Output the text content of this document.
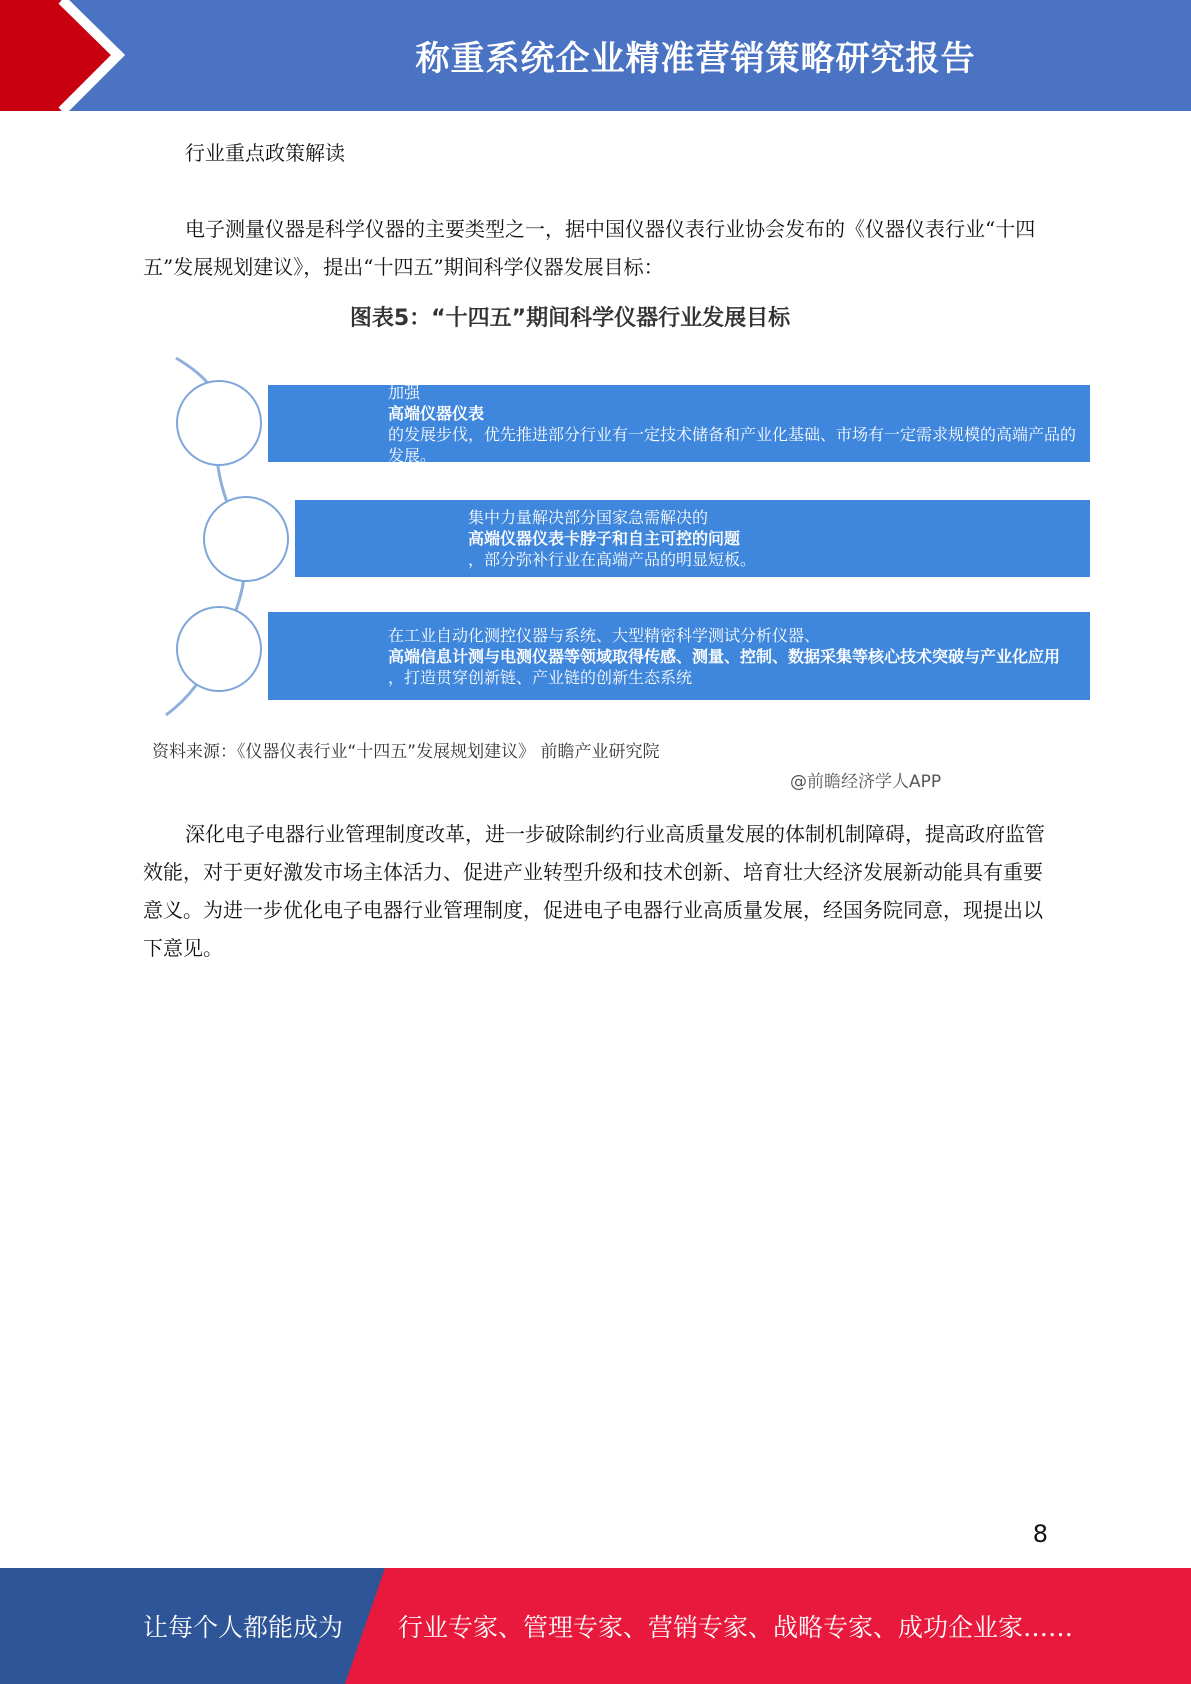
称重系统企业精准营销策略研究报告
行业重点政策解读
电子测量仪器是科学仪器的主要类型之一，据中国仪器仪表行业协会发布的《仪器仪表行业“十四五”发展规划建议》，提出“十四五”期间科学仪器发展目标：
图表5：“十四五”期间科学仪器行业发展目标
加强
高端仪器仪表
的发展步伐，优先推进部分行业有一定技术储备和产业化基础、市场有一定需求规模的高端产品的发展。
集中力量解决部分国家急需解决的
高端仪器仪表卡脖子和自主可控的问题
，部分弥补行业在高端产品的明显短板。
在工业自动化测控仪器与系统、大型精密科学测试分析仪器、
高端信息计测与电测仪器等领域取得传感、测量、控制、数据采集等核心技术突破与产业化应用
，打造贯穿创新链、产业链的创新生态系统
资料来源：《仪器仪表行业“十四五”发展规划建议》 前瞻产业研究院
@前瞻经济学人APP
深化电子电器行业管理制度改革，进一步破除制约行业高质量发展的体制机制障碍，提高政府监管效能，对于更好激发市场主体活力、促进产业转型升级和技术创新、培育壮大经济发展新动能具有重要意义。为进一步优化电子电器行业管理制度，促进电子电器行业高质量发展，经国务院同意，现提出以下意见。
8
让每个人都能成为 行业专家、管理专家、营销专家、战略专家、成功企业家……
